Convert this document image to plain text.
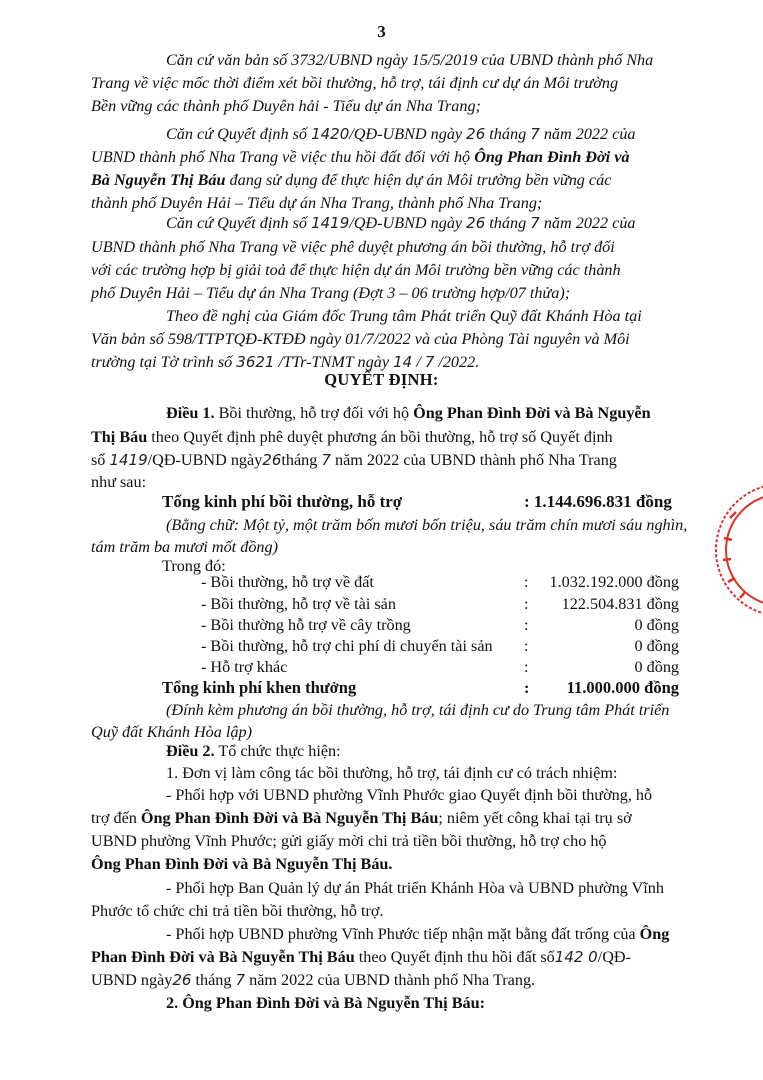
3
Căn cứ văn bản số 3732/UBND ngày 15/5/2019 của UBND thành phố Nha
Trang về việc mốc thời điểm xét bồi thường, hỗ trợ, tái định cư dự án Môi trường
Bền vững các thành phố Duyên hải - Tiểu dự án Nha Trang;
Căn cứ Quyết định số 1420/QĐ-UBND ngày 26 tháng 7 năm 2022 của
UBND thành phố Nha Trang về việc thu hồi đất đối với hộ Ông Phan Đình Đời và
Bà Nguyễn Thị Báu đang sử dụng để thực hiện dự án Môi trường bền vững các
thành phố Duyên Hải – Tiểu dự án Nha Trang, thành phố Nha Trang;
Căn cứ Quyết định số 1419/QĐ-UBND ngày 26 tháng 7 năm 2022 của
UBND thành phố Nha Trang về việc phê duyệt phương án bồi thường, hỗ trợ đối
với các trường hợp bị giải toả để thực hiện dự án Môi trường bền vững các thành
phố Duyên Hải – Tiểu dự án Nha Trang (Đợt 3 – 06 trường hợp/07 thửa);
Theo đề nghị của Giám đốc Trung tâm Phát triển Quỹ đất Khánh Hòa tại
Văn bản số 598/TTPTQĐ-KTĐĐ ngày 01/7/2022 và của Phòng Tài nguyên và Môi
trường tại Tờ trình số 3621 /TTr-TNMT ngày 14 / 7 /2022.
QUYẾT ĐỊNH:
Điều 1. Bồi thường, hỗ trợ đối với hộ Ông Phan Đình Đời và Bà Nguyễn
Thị Báu theo Quyết định phê duyệt phương án bồi thường, hỗ trợ số Quyết định
số 1419/QĐ-UBND ngày26tháng 7 năm 2022 của UBND thành phố Nha Trang
như sau:
Tổng kinh phí bồi thường, hỗ trợ	: 1.144.696.831 đồng
(Bằng chữ: Một tỷ, một trăm bốn mươi bốn triệu, sáu trăm chín mươi sáu nghìn,
tám trăm ba mươi mốt đồng)
Trong đó:
- Bồi thường, hỗ trợ về đất	: 1.032.192.000 đồng
- Bồi thường, hỗ trợ về tài sản	: 122.504.831 đồng
- Bồi thường hỗ trợ về cây trồng	:	0 đồng
- Bồi thường, hỗ trợ chi phí di chuyển tài sản :	0 đồng
- Hỗ trợ khác	:	0 đồng
Tổng kinh phí khen thưởng	: 11.000.000 đồng
(Đính kèm phương án bồi thường, hỗ trợ, tái định cư do Trung tâm Phát triển
Quỹ đất Khánh Hòa lập)
Điều 2. Tổ chức thực hiện:
1. Đơn vị làm công tác bồi thường, hỗ trợ, tái định cư có trách nhiệm:
- Phối hợp với UBND phường Vĩnh Phước giao Quyết định bồi thường, hỗ
trợ đến Ông Phan Đình Đời và Bà Nguyễn Thị Báu; niêm yết công khai tại trụ sở
UBND phường Vĩnh Phước; gửi giấy mời chi trả tiền bồi thường, hỗ trợ cho hộ
Ông Phan Đình Đời và Bà Nguyễn Thị Báu.
- Phối hợp Ban Quản lý dự án Phát triển Khánh Hòa và UBND phường Vĩnh
Phước tổ chức chi trả tiền bồi thường, hỗ trợ.
- Phối hợp UBND phường Vĩnh Phước tiếp nhận mặt bằng đất trống của Ông
Phan Đình Đời và Bà Nguyễn Thị Báu theo Quyết định thu hồi đất số142 0/QĐ-
UBND ngày26 tháng 7 năm 2022 của UBND thành phố Nha Trang.
2. Ông Phan Đình Đời và Bà Nguyễn Thị Báu:
